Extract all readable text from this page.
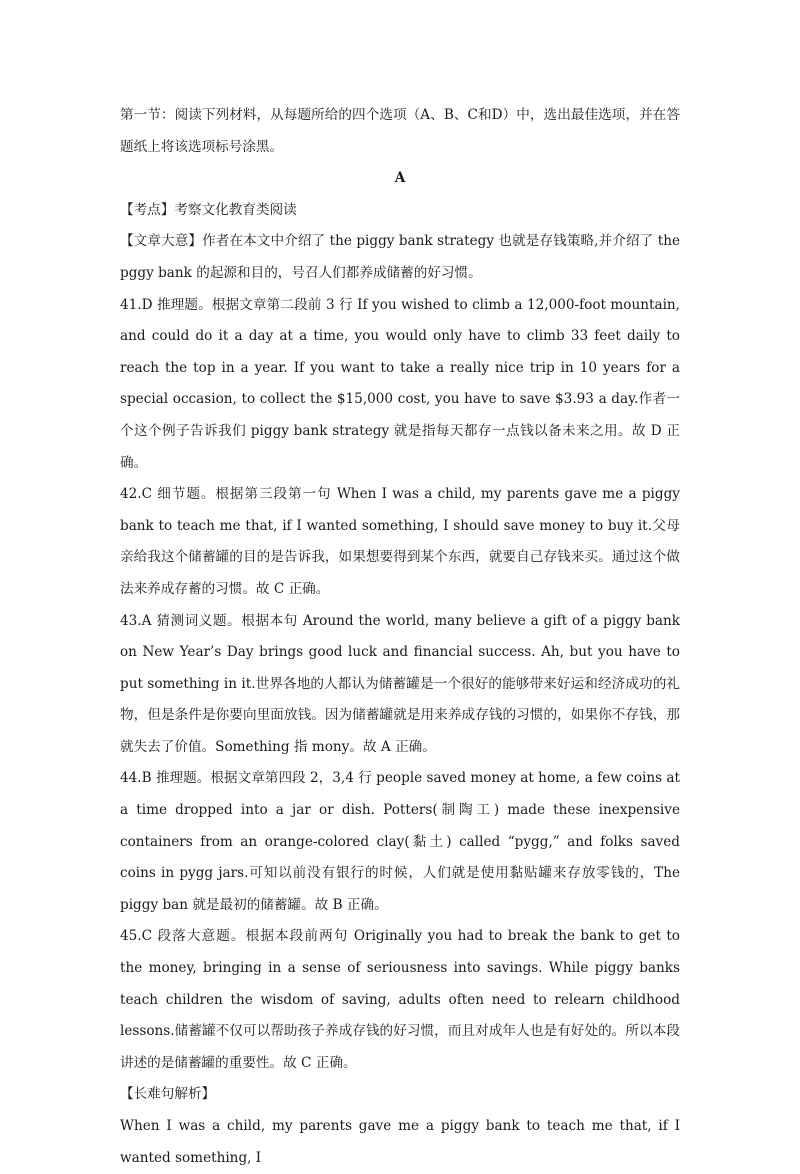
第一节：阅读下列材料，从每题所给的四个选项（A、B、C和D）中，选出最佳选项，并在答题纸上将该选项标号涂黑。

A

【考点】考察文化教育类阅读

【文章大意】作者在本文中介绍了 the piggy bank strategy 也就是存钱策略,并介绍了 the pggy bank 的起源和目的，号召人们都养成储蓄的好习惯。

41.D 推理题。根据文章第二段前 3 行 If you wished to climb a 12,000-foot mountain, and could do it a day at a time, you would only have to climb 33 feet daily to reach the top in a year. If you want to take a really nice trip in 10 years for a special occasion, to collect the $15,000 cost, you have to save $3.93 a day.作者一个这个例子告诉我们 piggy bank strategy 就是指每天都存一点钱以备未来之用。故 D 正确。

42.C 细节题。根据第三段第一句 When I was a child, my parents gave me a piggy bank to teach me that, if I wanted something, I should save money to buy it.父母亲给我这个储蓄罐的目的是告诉我，如果想要得到某个东西，就要自己存钱来买。通过这个做法来养成存蓄的习惯。故 C 正确。

43.A 猜测词义题。根据本句 Around the world, many believe a gift of a piggy bank on New Year’s Day brings good luck and financial success. Ah, but you have to put something in it.世界各地的人都认为储蓄罐是一个很好的能够带来好运和经济成功的礼物，但是条件是你要向里面放钱。因为储蓄罐就是用来养成存钱的习惯的，如果你不存钱，那就失去了价值。Something 指 mony。故 A 正确。

44.B 推理题。根据文章第四段 2，3,4 行 people saved money at home, a few coins at a time dropped into a jar or dish. Potters(制陶工) made these inexpensive containers from an orange-colored clay(黏土) called “pygg,” and folks saved coins in pygg jars.可知以前没有银行的时候，人们就是使用黏贴罐来存放零钱的，The piggy ban 就是最初的储蓄罐。故 B 正确。

45.C 段落大意题。根据本段前两句 Originally you had to break the bank to get to the money, bringing in a sense of seriousness into savings. While piggy banks teach children the wisdom of saving, adults often need to relearn childhood lessons.储蓄罐不仅可以帮助孩子养成存钱的好习惯，而且对成年人也是有好处的。所以本段讲述的是储蓄罐的重要性。故 C 正确。

【长难句解析】

When I was a child, my parents gave me a piggy bank to teach me that, if I wanted something, I
